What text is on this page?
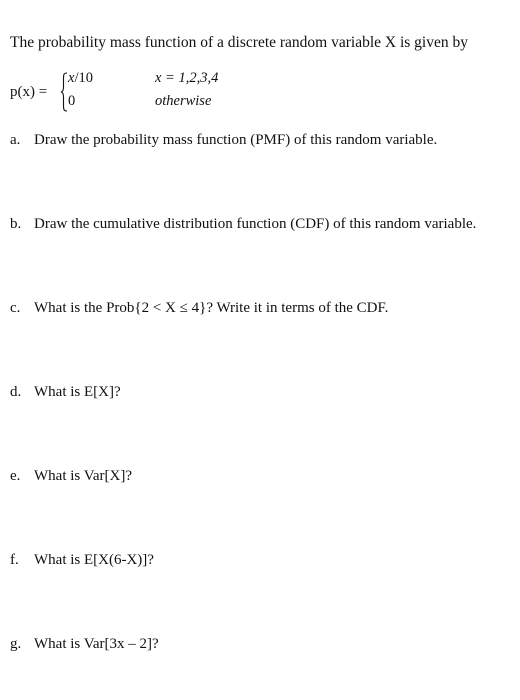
The probability mass function of a discrete random variable X is given by
p(x) =
x/10	x = 1,2,3,4
0	otherwise
a. Draw the probability mass function (PMF) of this random variable.
b. Draw the cumulative distribution function (CDF) of this random variable.
c. What is the Prob{2 < X ≤ 4}? Write it in terms of the CDF.
d. What is E[X]?
e. What is Var[X]?
f. What is E[X(6-X)]?
g. What is Var[3x – 2]?
